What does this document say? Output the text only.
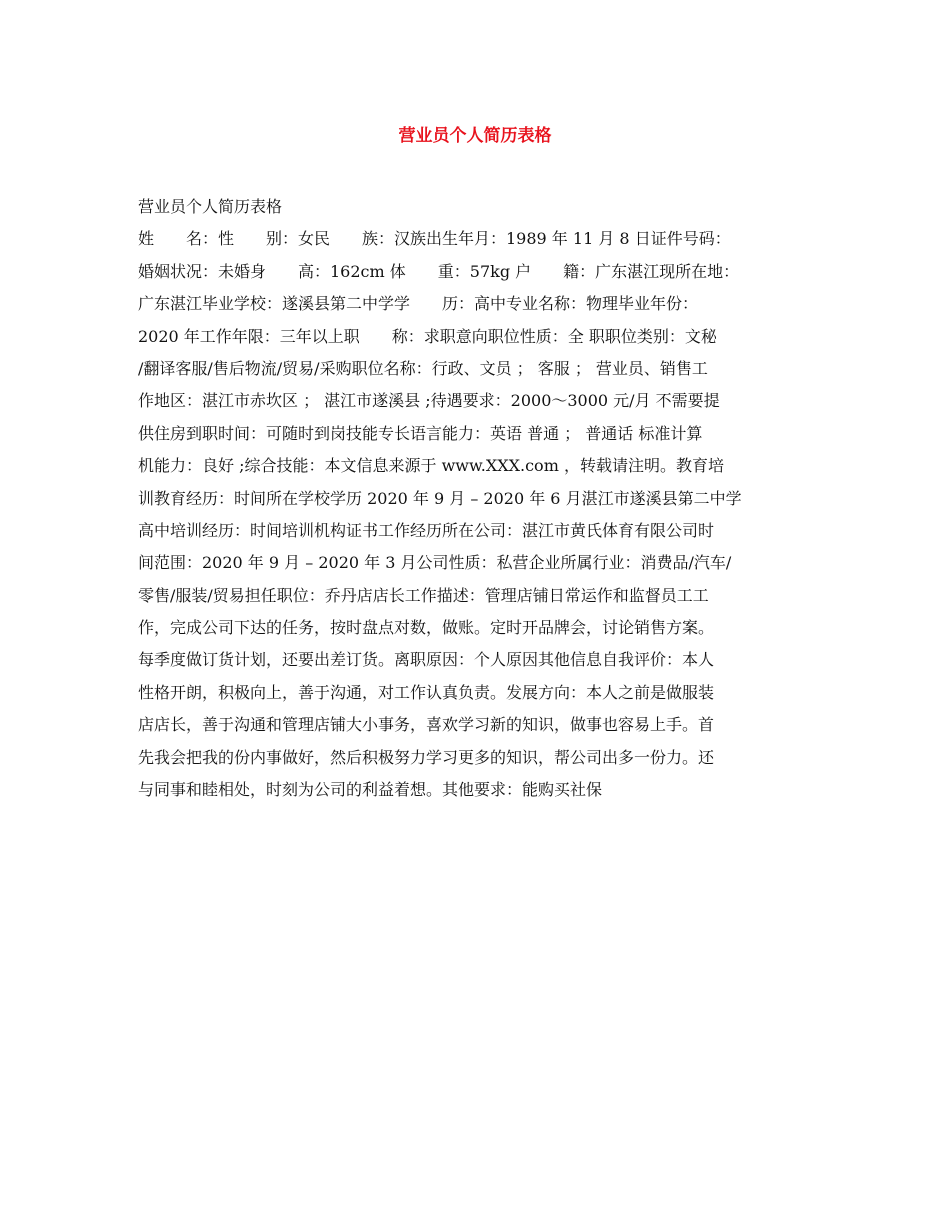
营业员个人简历表格
营业员个人简历表格
姓　　名：性　　别：女民　　族：汉族出生年月：1989 年 11 月 8 日证件号码：
婚姻状况：未婚身　　高：162cm 体　　重：57kg 户　　籍：广东湛江现所在地：
广东湛江毕业学校：遂溪县第二中学学　　历：高中专业名称：物理毕业年份：
2020 年工作年限：三年以上职　　称：求职意向职位性质：全 职职位类别：文秘
/翻译客服/售后物流/贸易/采购职位名称：行政、文员 ； 客服 ； 营业员、销售工
作地区：湛江市赤坎区 ； 湛江市遂溪县 ;待遇要求：2000～3000 元/月 不需要提
供住房到职时间：可随时到岗技能专长语言能力：英语 普通 ； 普通话 标准计算
机能力：良好 ;综合技能：本文信息来源于 www.XXX.com ，转载请注明。教育培
训教育经历：时间所在学校学历 2020 年 9 月 – 2020 年 6 月湛江市遂溪县第二中学
高中培训经历：时间培训机构证书工作经历所在公司：湛江市黄氏体育有限公司时
间范围：2020 年 9 月 – 2020 年 3 月公司性质：私营企业所属行业：消费品/汽车/
零售/服装/贸易担任职位：乔丹店店长工作描述：管理店铺日常运作和监督员工工
作，完成公司下达的任务，按时盘点对数，做账。定时开品牌会，讨论销售方案。
每季度做订货计划，还要出差订货。离职原因：个人原因其他信息自我评价：本人
性格开朗，积极向上，善于沟通，对工作认真负责。发展方向：本人之前是做服装
店店长，善于沟通和管理店铺大小事务，喜欢学习新的知识，做事也容易上手。首
先我会把我的份内事做好，然后积极努力学习更多的知识，帮公司出多一份力。还
与同事和睦相处，时刻为公司的利益着想。其他要求：能购买社保
